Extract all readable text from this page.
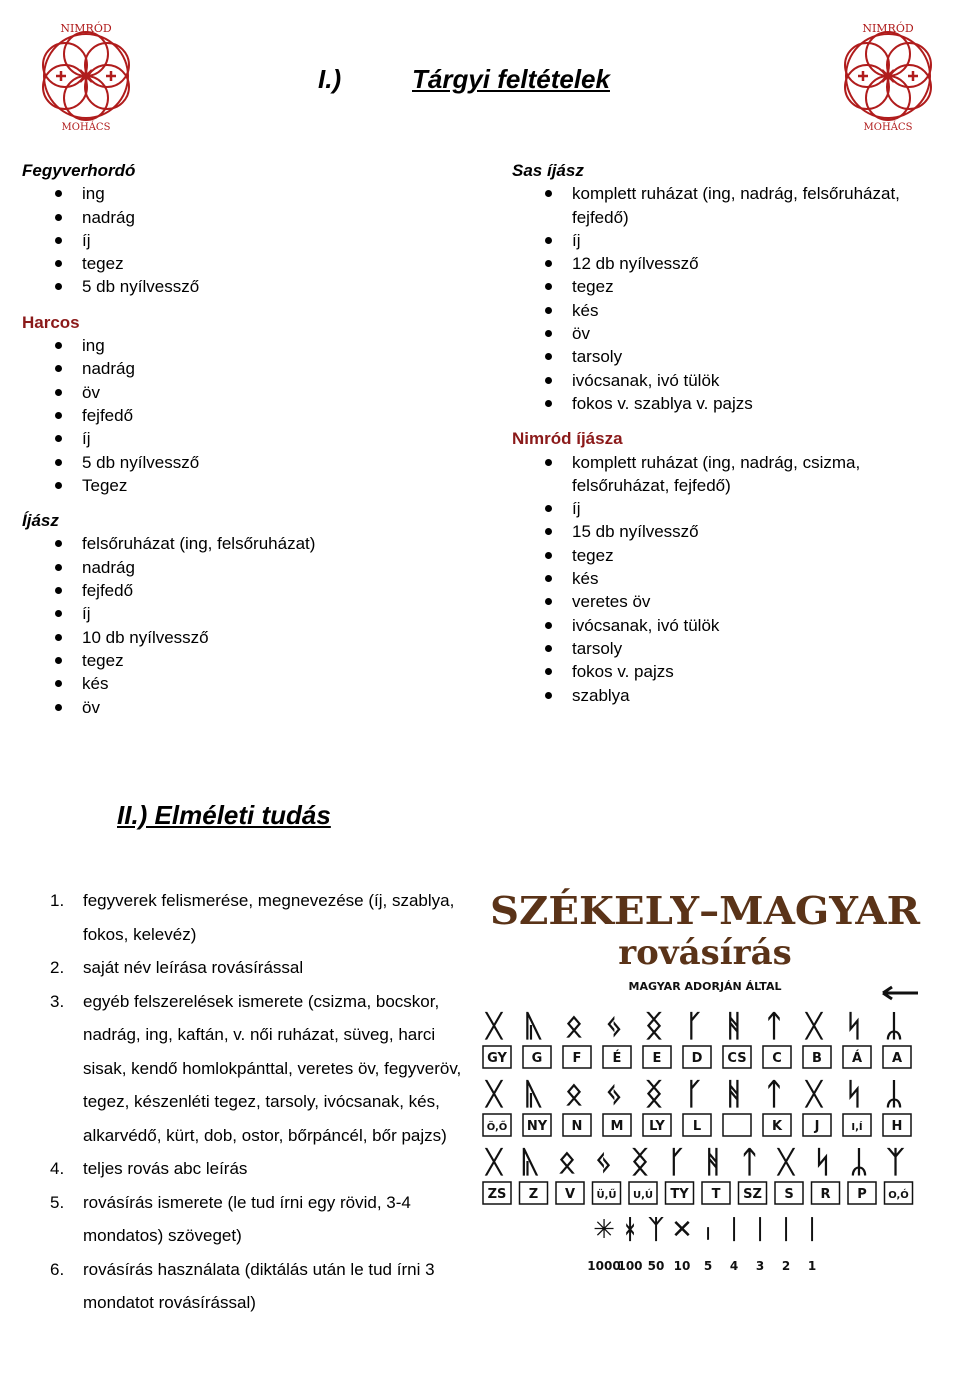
NIMRÓD
MOHÁCS
NIMRÓD
MOHÁCS
I.)	Tárgyi feltételek
Fegyverhordó
ing
nadrág
íj
tegez
5 db nyílvessző
Harcos
ing
nadrág
öv
fejfedő
íj
5 db nyílvessző
Tegez
Íjász
felsőruházat (ing, felsőruházat)
nadrág
fejfedő
íj
10 db nyílvessző
tegez
kés
öv
Sas íjász
komplett ruházat (ing, nadrág, felsőruházat, fejfedő)
íj
12 db nyílvessző
tegez
kés
öv
tarsoly
ivócsanak, ivó tülök
fokos v. szablya v. pajzs
Nimród íjásza
komplett ruházat (ing, nadrág, csizma, felsőruházat, fejfedő)
íj
15 db nyílvessző
tegez
kés
veretes öv
ivócsanak, ivó tülök
tarsoly
fokos v. pajzs
szablya
II.) Elméleti tudás
1. fegyverek felismerése, megnevezése (íj, szablya, fokos, kelevéz)
2. saját név leírása rovásírással
3. egyéb felszerelések ismerete (csizma, bocskor, nadrág, ing, kaftán, v. női ruházat, süveg, harci sisak, kendő homlokpánttal, veretes öv, fegyveröv, tegez, készenléti tegez, tarsoly, ivócsanak, kés, alkarvédő, kürt, dob, ostor, bőrpáncél, bőr pajzs)
4. teljes rovás abc leírás
5. rovásírás ismerete (le tud írni egy rövid, 3-4 mondatos) szöveget)
6. rovásírás használata (diktálás után le tud írni 3 mondatot rovásírással)
SZÉKELY–MAGYAR
rovásírás
MAGYAR ADORJÁN ÁLTAL
ᚷ
GY
ᚣ
G
ᛟ
F
ᛃ
É
ᛝ
E
ᚴ
D
ᚻ
CS
ᛏ
C
ᚷ
B
ᛋ
Á
ᛦ
A
ᚷ
Ö,Ő
ᚣ
NY
ᛟ
N
ᛃ
M
ᛝ
LY
ᚴ
L
ᚻ ᛏ
K
ᚷ
J
ᛋ
I,Í
ᛦ
H
ᚷ
ZS
ᚣ
Z
ᛟ
V
ᛃ
Ü,Ű
ᛝ
U,Ú
ᚴ
TY
ᚻ
T
ᛏ
SZ
ᚷ
S
ᛋ
R
ᛦ
P
ᛉ
O,Ó
✳
1000
ᚼ
100
ᛉ
50
✕
10
ᛧ
5
ᛁ
4
ᛁ
3
ᛁ
2
ᛁ
1
